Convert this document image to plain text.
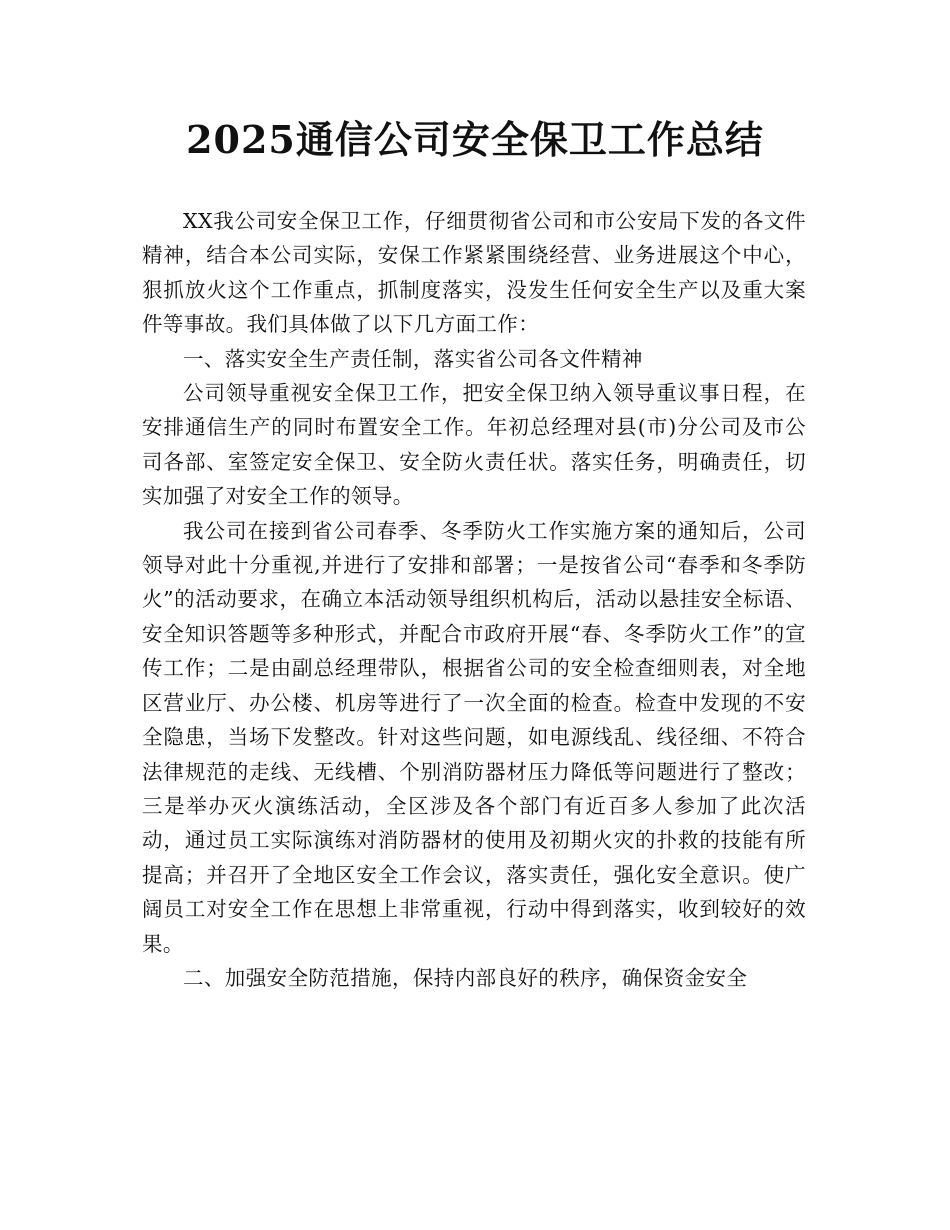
2025通信公司安全保卫工作总结

XX我公司安全保卫工作，仔细贯彻省公司和市公安局下发的各文件精神，结合本公司实际，安保工作紧紧围绕经营、业务进展这个中心，狠抓放火这个工作重点，抓制度落实，没发生任何安全生产以及重大案件等事故。我们具体做了以下几方面工作：

一、落实安全生产责任制，落实省公司各文件精神

公司领导重视安全保卫工作，把安全保卫纳入领导重议事日程，在安排通信生产的同时布置安全工作。年初总经理对县(市)分公司及市公司各部、室签定安全保卫、安全防火责任状。落实任务，明确责任，切实加强了对安全工作的领导。

我公司在接到省公司春季、冬季防火工作实施方案的通知后，公司领导对此十分重视,并进行了安排和部署；一是按省公司“春季和冬季防火”的活动要求，在确立本活动领导组织机构后，活动以悬挂安全标语、安全知识答题等多种形式，并配合市政府开展“春、冬季防火工作”的宣传工作；二是由副总经理带队，根据省公司的安全检查细则表，对全地区营业厅、办公楼、机房等进行了一次全面的检查。检查中发现的不安全隐患，当场下发整改。针对这些问题，如电源线乱、线径细、不符合法律规范的走线、无线槽、个别消防器材压力降低等问题进行了整改；三是举办灭火演练活动，全区涉及各个部门有近百多人参加了此次活动，通过员工实际演练对消防器材的使用及初期火灾的扑救的技能有所提高；并召开了全地区安全工作会议，落实责任，强化安全意识。使广阔员工对安全工作在思想上非常重视，行动中得到落实，收到较好的效果。

二、加强安全防范措施，保持内部良好的秩序，确保资金安全
